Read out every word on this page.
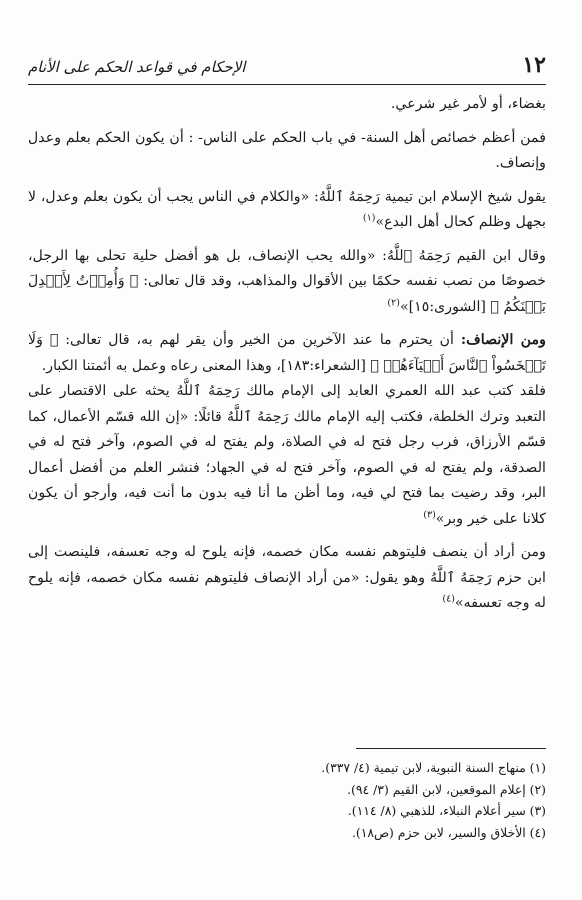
١٢
الإحكام في قواعد الحكم على الأنام

بغضاء، أو لأمر غير شرعي.

فمن أعظم خصائص أهل السنة- في باب الحكم على الناس- : أن يكون الحكم بعلم وعدل وإنصاف.

يقول شيخ الإسلام ابن تيمية رَحِمَهُ ٱللَّهُ: «والكلام في الناس يجب أن يكون بعلم وعدل، لا بجهل وظلم كحال أهل البدع»$^{(١)}$

وقال ابن القيم رَحِمَهُ ٱللَّهُ: «والله يحب الإنصاف، بل هو أفضل حلية تحلى بها الرجل، خصوصًا من نصب نفسه حكمًا بين الأقوال والمذاهب، وقد قال تعالى: ﴿ وَأُمِرۡتُ لِأَعۡدِلَ بَيۡنَكُمُ ﴾ [الشورى:١٥]»$^{(٢)}$

ومن الإنصاف: أن يحترم ما عند الآخرين من الخير وأن يقر لهم به، قال تعالى: ﴿ وَلَا تَبۡخَسُواْ ٱلنَّاسَ أَشۡيَآءَهُمۡ ﴾ [الشعراء:١٨٣]، وهذا المعنى رعاه وعمل به أئمتنا الكبار.

فلقد كتب عبد الله العمري العابد إلى الإمام مالك رَحِمَهُ ٱللَّهُ يحثه على الاقتصار على التعبد وترك الخلطة، فكتب إليه الإمام مالك رَحِمَهُ ٱللَّهُ قائلًا: «إن الله قسّم الأعمال، كما قسّم الأرزاق، فرب رجل فتح له في الصلاة، ولم يفتح له في الصوم، وآخر فتح له في الصدقة، ولم يفتح له في الصوم، وآخر فتح له في الجهاد؛ فنشر العلم من أفضل أعمال البر، وقد رضيت بما فتح لي فيه، وما أظن ما أنا فيه بدون ما أنت فيه، وأرجو أن يكون كلانا على خير وبر»$^{(٣)}$

ومن أراد أن ينصف فليتوهم نفسه مكان خصمه، فإنه يلوح له وجه تعسفه، فلينصت إلى ابن حزم رَحِمَهُ ٱللَّهُ وهو يقول: «من أراد الإنصاف فليتوهم نفسه مكان خصمه، فإنه يلوح له وجه تعسفه»$^{(٤)}$

(١) منهاج السنة النبوية، لابن تيمية (٤/ ٣٣٧).
(٢) إعلام الموقعين، لابن القيم (٣/ ٩٤).
(٣) سير أعلام النبلاء، للذهبي (٨/ ١١٤).
(٤) الأخلاق والسير، لابن حزم (ص١٨).
